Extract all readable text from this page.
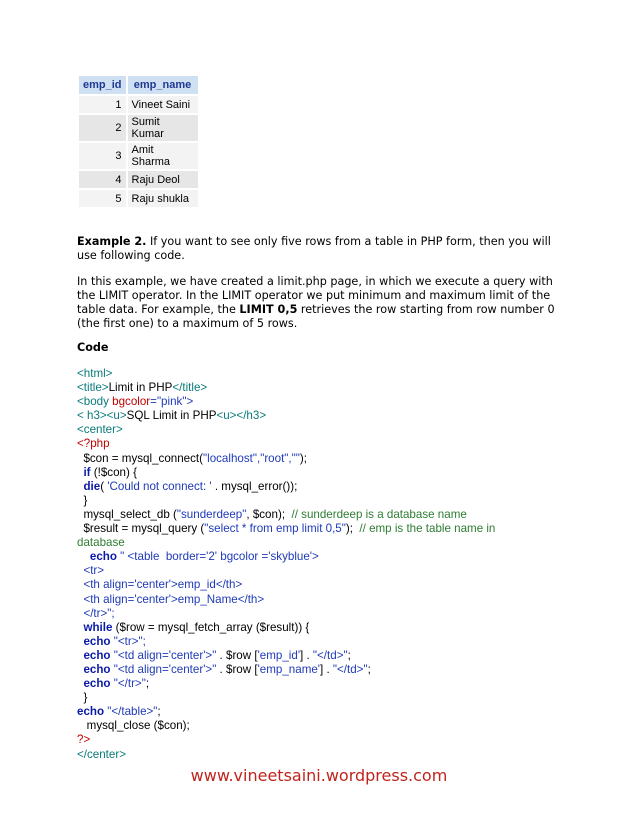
emp_id	emp_name
1	Vineet Saini
2	Sumit Kumar
3	Amit Sharma
4	Raju Deol
5	Raju shukla

Example 2. If you want to see only five rows from a table in PHP form, then you will use following code.

In this example, we have created a limit.php page, in which we execute a query with the LIMIT operator. In the LIMIT operator we put minimum and maximum limit of the table data. For example, the LIMIT 0,5 retrieves the row starting from row number 0 (the first one) to a maximum of 5 rows.

Code

<html>
<title>Limit in PHP</title>
<body bgcolor="pink">
< h3><u>SQL Limit in PHP<u></h3>
<center>
<?php
$con = mysql_connect("localhost","root","");
if (!$con) {
die( 'Could not connect: ' . mysql_error());
}
mysql_select_db ("sunderdeep", $con);  // sunderdeep is a database name
$result = mysql_query ("select * from emp limit 0,5");  // emp is the table name in
database
echo " <table  border='2' bgcolor ='skyblue'>
<tr>
<th align='center'>emp_id</th>
<th align='center'>emp_Name</th>
</tr>";
while ($row = mysql_fetch_array ($result)) {
echo "<tr>";
echo "<td align='center'>" . $row ['emp_id'] . "</td>";
echo "<td align='center'>" . $row ['emp_name'] . "</td>";
echo "</tr>";
}
echo "</table>";
mysql_close ($con);
?>
</center>
www.vineetsaini.wordpress.com
